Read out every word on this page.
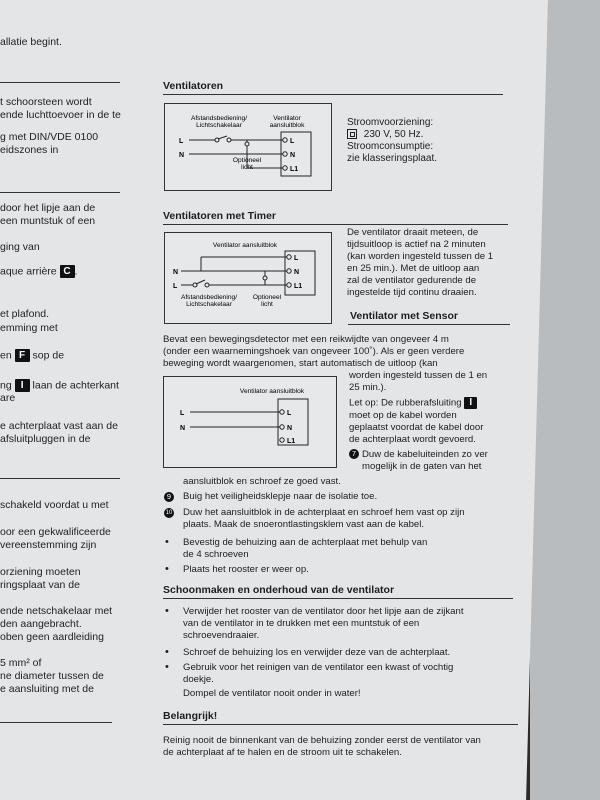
allatie begint.
t schoorsteen wordt
ende luchttoevoer in de te
g met DIN/VDE 0100
eidszones in
door het lipje aan de
een muntstuk of een
ging van
aque arrière C .
et plafond.
emming met
en F sop de
ng I laan de achterkant
are
e achterplaat vast aan de
afsluitpluggen in de
schakeld voordat u met
oor een gekwalificeerde
vereenstemming zijn
orziening moeten
ringsplaat van de
ende netschakelaar met
den aangebracht.
oben geen aardleiding
5 mm² of
ne diameter tussen de
e aansluiting met de
Ventilatoren
Afstandsbediening/
Lichtschakelaar
Ventilator
aansluitblok
L
N
L
N
L1
Optioneel
licht
Stroomvoorziening:
230 V, 50 Hz.
Stroomconsumptie:
zie klasseringsplaat.
Ventilatoren met Timer
Ventilator aansluitblok
N
L
L
N
L1
Afstandsbediening/
Lichtschakelaar
Optioneel
licht
De ventilator draait meteen, de
tijdsuitloop is actief na 2 minuten
(kan worden ingesteld tussen de 1
en 25 min.). Met de uitloop aan
zal de ventilator gedurende de
ingestelde tijd continu draaien.
Ventilator met Sensor
Bevat een bewegingsdetector met een reikwijdte van ongeveer 4 m
(onder een waarnemingshoek van ongeveer 100˚). Als er geen verdere
beweging wordt waargenomen, start automatisch de uitloop (kan
Ventilator aansluitblok
L
N
L
N
L1
worden ingesteld tussen de 1 en
25 min.).
Let op: De rubberafsluiting I
moet op de kabel worden
geplaatst voordat de kabel door
de achterplaat wordt gevoerd.
7 Duw de kabeluiteinden zo ver
mogelijk in de gaten van het
aansluitblok en schroef ze goed vast.
9	Buig het veiligheidsklepje naar de isolatie toe.
10 Duw het aansluitblok in de achterplaat en schroef hem vast op zijn
plaats. Maak de snoerontlastingsklem vast aan de kabel.
• Bevestig de behuizing aan de achterplaat met behulp van
de 4 schroeven
• Plaats het rooster er weer op.
Schoonmaken en onderhoud van de ventilator
• Verwijder het rooster van de ventilator door het lipje aan de zijkant
van de ventilator in te drukken met een muntstuk of een
schroevendraaier.
• Schroef de behuizing los en verwijder deze van de achterplaat.
• Gebruik voor het reinigen van de ventilator een kwast of vochtig
doekje.
Dompel de ventilator nooit onder in water!
Belangrijk!
Reinig nooit de binnenkant van de behuizing zonder eerst de ventilator van
de achterplaat af te halen en de stroom uit te schakelen.
